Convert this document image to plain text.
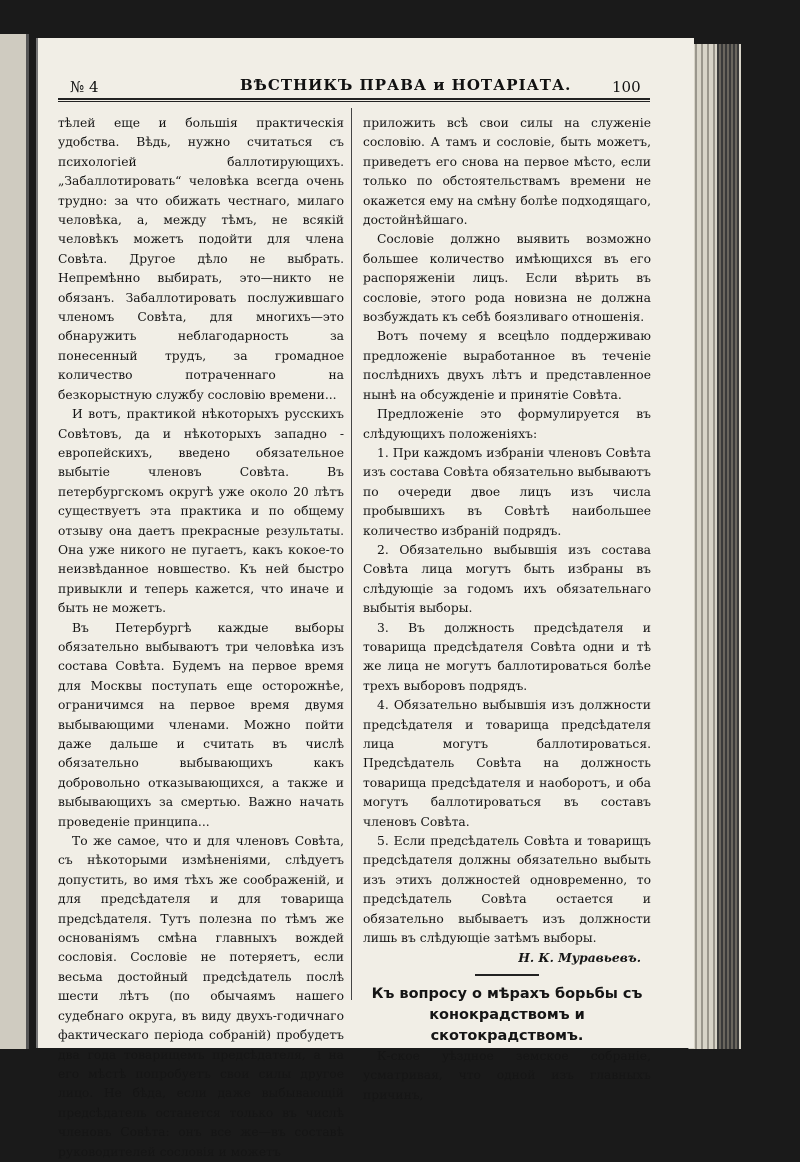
№ 4	ВѢСТНИКЪ ПРАВА и НОТАРІАТА.	100

тѣлей еще и большія практическія удобства. Вѣдь, нужно считаться съ психологіей баллотирующихъ. „Забаллотировать“ человѣка всегда очень трудно: за что обижать честнаго, милаго человѣка, а, между тѣмъ, не всякій человѣкъ можетъ подойти для члена Совѣта. Другое дѣло не выбрать. Непремѣнно выбирать, это—никто не обязанъ. Забаллотировать послужившаго членомъ Совѣта, для многихъ—это обнаружить неблагодарность за понесенный трудъ, за громадное количество потраченнаго на безкорыстную службу сословію времени...

И вотъ, практикой нѣкоторыхъ русскихъ Совѣтовъ, да и нѣкоторыхъ западно - европейскихъ, введено обязательное выбытіе членовъ Совѣта. Въ петербургскомъ округѣ уже около 20 лѣтъ существуетъ эта практика и по общему отзыву она даетъ прекрасные результаты. Она уже никого не пугаетъ, какъ кокое-то неизвѣданное новшество. Къ ней быстро привыкли и теперь кажется, что иначе и быть не можетъ.

Въ Петербургѣ каждые выборы обязательно выбываютъ три человѣка изъ состава Совѣта. Будемъ на первое время для Москвы поступать еще осторожнѣе, ограничимся на первое время двумя выбывающими членами. Можно пойти даже дальше и считать въ числѣ обязательно выбывающихъ какъ добровольно отказывающихся, а также и выбывающихъ за смертью. Важно начать проведеніе принципа...

То же самое, что и для членовъ Совѣта, съ нѣкоторыми измѣненіями, слѣдуетъ допустить, во имя тѣхъ же соображеній, и для предсѣдателя и для товарища предсѣдателя. Тутъ полезна по тѣмъ же основаніямъ смѣна главныхъ вождей сословія. Сословіе не потеряетъ, если весьма достойный предсѣдатель послѣ шести лѣтъ (по обычаямъ нашего судебнаго округа, въ виду двухъ-годичнаго фактическаго періода собраній) пробудетъ два года товарищемъ предсѣдателя, а на его мѣстѣ попробуетъ свои силы другое лицо. Не бѣда, если даже выбывающій предсѣдатель останется только въ числѣ членовъ Совѣта: онъ все же—въ составѣ руководителей сословія и можетъ

приложить всѣ свои силы на служеніе сословію. А тамъ и сословіе, быть можетъ, приведетъ его снова на первое мѣсто, если только по обстоятельствамъ времени не окажется ему на смѣну болѣе подходящаго, достойнѣйшаго.

Сословіе должно выявить возможно большее количество имѣющихся въ его распоряженіи лицъ. Если вѣрить въ сословіе, этого рода новизна не должна возбуждать къ себѣ боязливаго отношенія.

Вотъ почему я всецѣло поддерживаю предложеніе выработанное въ теченіе послѣднихъ двухъ лѣтъ и представленное нынѣ на обсужденіе и принятіе Совѣта.

Предложеніе это формулируется въ слѣдующихъ положеніяхъ:

1. При каждомъ избраніи членовъ Совѣта изъ состава Совѣта обязательно выбываютъ по очереди двое лицъ изъ числа пробывшихъ въ Совѣтѣ наибольшее количество избраній подрядъ.

2. Обязательно выбывшія изъ состава Совѣта лица могутъ быть избраны въ слѣдующіе за годомъ ихъ обязательнаго выбытія выборы.

3. Въ должность предсѣдателя и товарища предсѣдателя Совѣта одни и тѣ же лица не могутъ баллотироваться болѣе трехъ выборовъ подрядъ.

4. Обязательно выбывшія изъ должности предсѣдателя и товарища предсѣдателя лица могутъ баллотироваться. Предсѣдатель Совѣта на должность товарища предсѣдателя и наоборотъ, и оба могутъ баллотироваться въ составъ членовъ Совѣта.

5. Если предсѣдатель Совѣта и товарищъ предсѣдателя должны обязательно выбыть изъ этихъ должностей одновременно, то предсѣдатель Совѣта остается и обязательно выбываетъ изъ должности лишь въ слѣдующіе затѣмъ выборы.

Н. К. Муравьевъ.

Къ вопросу о мѣрахъ борьбы съ конокрадствомъ и скотокрадствомъ.

К-ское уѣздное земское собраніе, усматривая, что одной изъ главныхъ причинъ,
